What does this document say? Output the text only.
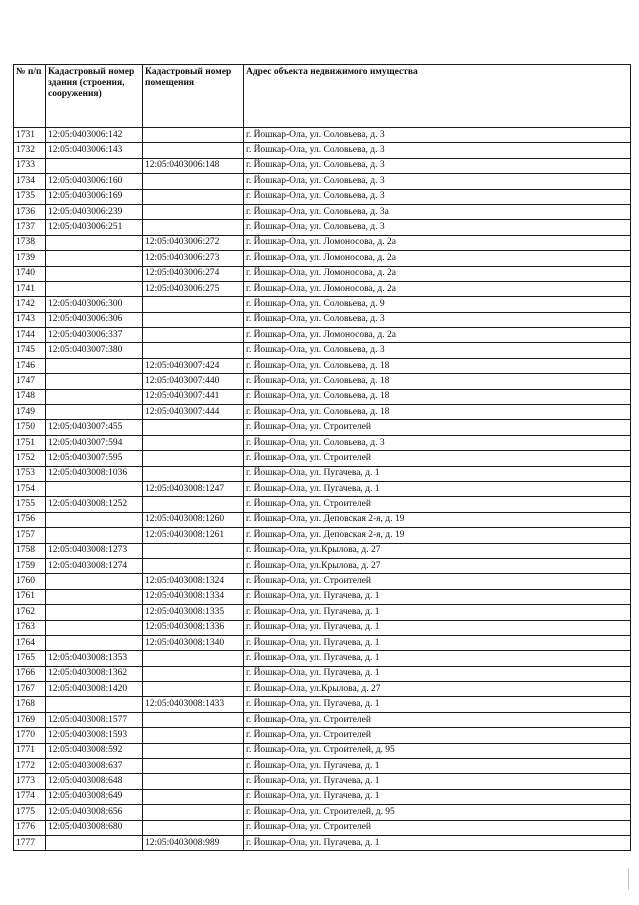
№ п/п	Кадастровый номер здания (строения, сооружения)	Кадастровый номер помещения	Адрес объекта недвижимого имущества
1731	12:05:0403006:142		г. Йошкар-Ола, ул. Соловьева, д. 3
1732	12:05:0403006:143		г. Йошкар-Ола, ул. Соловьева, д. 3
1733		12:05:0403006:148	г. Йошкар-Ола, ул. Соловьева, д. 3
1734	12:05:0403006:160		г. Йошкар-Ола, ул. Соловьева, д. 3
1735	12:05:0403006:169		г. Йошкар-Ола, ул. Соловьева, д. 3
1736	12:05:0403006:239		г. Йошкар-Ола, ул. Соловьева, д. 3а
1737	12:05:0403006:251		г. Йошкар-Ола, ул. Соловьева, д. 3
1738		12:05:0403006:272	г. Йошкар-Ола, ул. Ломоносова, д. 2а
1739		12:05:0403006:273	г. Йошкар-Ола, ул. Ломоносова, д. 2а
1740		12:05:0403006:274	г. Йошкар-Ола, ул. Ломоносова, д. 2а
1741		12:05:0403006:275	г. Йошкар-Ола, ул. Ломоносова, д. 2а
1742	12:05:0403006:300		г. Йошкар-Ола, ул. Соловьева, д. 9
1743	12:05:0403006:306		г. Йошкар-Ола, ул. Соловьева, д. 3
1744	12:05:0403006:337		г. Йошкар-Ола, ул. Ломоносова, д. 2а
1745	12:05:0403007:380		г. Йошкар-Ола, ул. Соловьева, д. 3
1746		12:05:0403007:424	г. Йошкар-Ола, ул. Соловьева, д. 18
1747		12:05:0403007:440	г. Йошкар-Ола, ул. Соловьева, д. 18
1748		12:05:0403007:441	г. Йошкар-Ола, ул. Соловьева, д. 18
1749		12:05:0403007:444	г. Йошкар-Ола, ул. Соловьева, д. 18
1750	12:05:0403007:455		г. Йошкар-Ола, ул. Строителей
1751	12:05:0403007:594		г. Йошкар-Ола, ул. Соловьева, д. 3
1752	12:05:0403007:595		г. Йошкар-Ола, ул. Строителей
1753	12:05:0403008:1036		г. Йошкар-Ола, ул. Пугачева, д. 1
1754		12:05:0403008:1247	г. Йошкар-Ола, ул. Пугачева, д. 1
1755	12:05:0403008:1252		г. Йошкар-Ола, ул. Строителей
1756		12:05:0403008:1260	г. Йошкар-Ола, ул. Деповская 2-я, д. 19
1757		12:05:0403008:1261	г. Йошкар-Ола, ул. Деповская 2-я, д. 19
1758	12:05:0403008:1273		г. Йошкар-Ола, ул.Крылова, д. 27
1759	12:05:0403008:1274		г. Йошкар-Ола, ул.Крылова, д. 27
1760		12:05:0403008:1324	г. Йошкар-Ола, ул. Строителей
1761		12:05:0403008:1334	г. Йошкар-Ола, ул. Пугачева, д. 1
1762		12:05:0403008:1335	г. Йошкар-Ола, ул. Пугачева, д. 1
1763		12:05:0403008:1336	г. Йошкар-Ола, ул. Пугачева, д. 1
1764		12:05:0403008:1340	г. Йошкар-Ола, ул. Пугачева, д. 1
1765	12:05:0403008:1353		г. Йошкар-Ола, ул. Пугачева, д. 1
1766	12:05:0403008:1362		г. Йошкар-Ола, ул. Пугачева, д. 1
1767	12:05:0403008:1420		г. Йошкар-Ола, ул.Крылова, д. 27
1768		12:05:0403008:1433	г. Йошкар-Ола, ул. Пугачева, д. 1
1769	12:05:0403008:1577		г. Йошкар-Ола, ул. Строителей
1770	12:05:0403008:1593		г. Йошкар-Ола, ул. Строителей
1771	12:05:0403008:592		г. Йошкар-Ола, ул. Строителей, д. 95
1772	12:05:0403008:637		г. Йошкар-Ола, ул. Пугачева, д. 1
1773	12:05:0403008:648		г. Йошкар-Ола, ул. Пугачева, д. 1
1774	12:05:0403008:649		г. Йошкар-Ола, ул. Пугачева, д. 1
1775	12:05:0403008:656		г. Йошкар-Ола, ул. Строителей, д. 95
1776	12:05:0403008:680		г. Йошкар-Ола, ул. Строителей
1777		12:05:0403008:989	г. Йошкар-Ола, ул. Пугачева, д. 1
